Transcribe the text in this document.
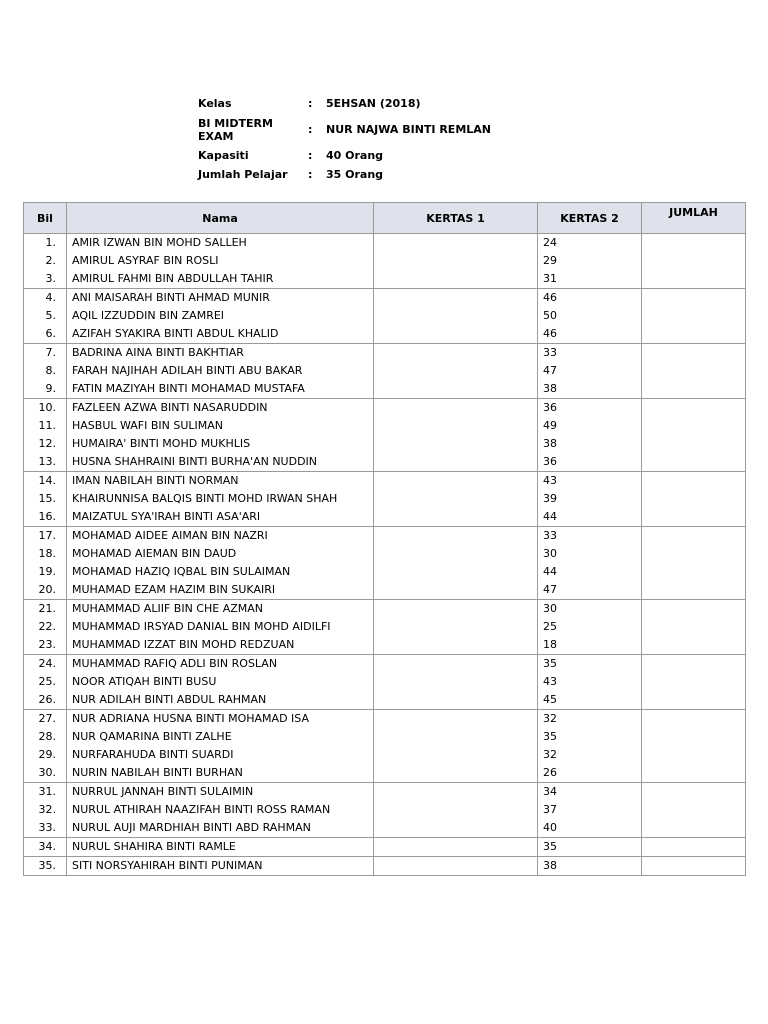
Kelas	:	5EHSAN (2018)
BI MIDTERM
EXAM	:	NUR NAJWA BINTI REMLAN
Kapasiti	:	40 Orang
Jumlah Pelajar	:	35 Orang
Bil	Nama	KERTAS 1	KERTAS 2	JUMLAH
1.	AMIR IZWAN BIN MOHD SALLEH		24	
2.	AMIRUL ASYRAF BIN ROSLI		29	
3.	AMIRUL FAHMI BIN ABDULLAH TAHIR		31	
4.	ANI MAISARAH BINTI AHMAD MUNIR		46	
5.	AQIL IZZUDDIN BIN ZAMREI		50	
6.	AZIFAH SYAKIRA BINTI ABDUL KHALID		46	
7.	BADRINA AINA BINTI BAKHTIAR		33	
8.	FARAH NAJIHAH ADILAH BINTI ABU BAKAR		47	
9.	FATIN MAZIYAH BINTI MOHAMAD MUSTAFA		38	
10.	FAZLEEN AZWA BINTI NASARUDDIN		36	
11.	HASBUL WAFI BIN SULIMAN		49	
12.	HUMAIRA' BINTI MOHD MUKHLIS		38	
13.	HUSNA SHAHRAINI BINTI BURHA'AN NUDDIN		36	
14.	IMAN NABILAH BINTI NORMAN		43	
15.	KHAIRUNNISA BALQIS BINTI MOHD IRWAN SHAH		39	
16.	MAIZATUL SYA'IRAH BINTI ASA'ARI		44	
17.	MOHAMAD AIDEE AIMAN BIN NAZRI		33	
18.	MOHAMAD AIEMAN BIN DAUD		30	
19.	MOHAMAD HAZIQ IQBAL BIN SULAIMAN		44	
20.	MUHAMAD EZAM HAZIM BIN SUKAIRI		47	
21.	MUHAMMAD ALIIF BIN CHE AZMAN		30	
22.	MUHAMMAD IRSYAD DANIAL BIN MOHD AIDILFI		25	
23.	MUHAMMAD IZZAT BIN MOHD REDZUAN		18	
24.	MUHAMMAD RAFIQ ADLI BIN ROSLAN		35	
25.	NOOR ATIQAH BINTI BUSU		43	
26.	NUR ADILAH BINTI ABDUL RAHMAN		45	
27.	NUR ADRIANA HUSNA BINTI MOHAMAD ISA		32	
28.	NUR QAMARINA BINTI ZALHE		35	
29.	NURFARAHUDA BINTI SUARDI		32	
30.	NURIN NABILAH BINTI BURHAN		26	
31.	NURRUL JANNAH BINTI SULAIMIN		34	
32.	NURUL ATHIRAH NAAZIFAH BINTI ROSS RAMAN		37	
33.	NURUL AUJI MARDHIAH BINTI ABD RAHMAN		40	
34.	NURUL SHAHIRA BINTI RAMLE		35	
35.	SITI NORSYAHIRAH BINTI PUNIMAN		38	
